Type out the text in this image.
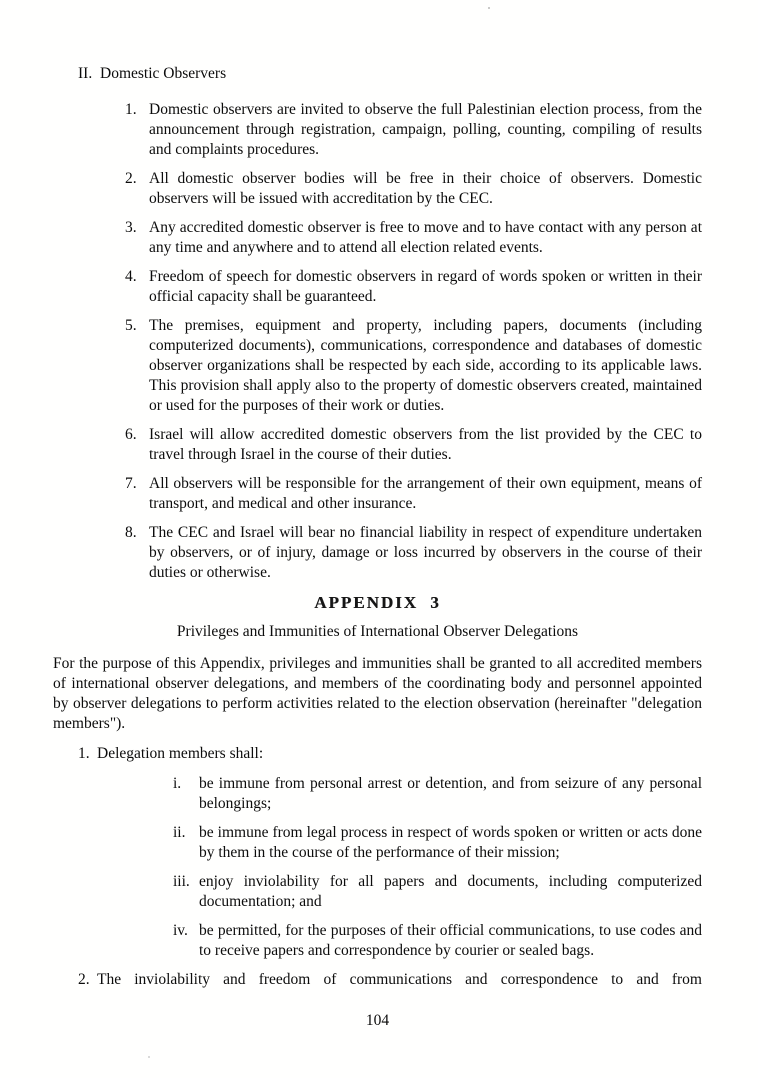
II. Domestic Observers
1. Domestic observers are invited to observe the full Palestinian election process, from the announcement through registration, campaign, polling, counting, compiling of results and complaints procedures.
2. All domestic observer bodies will be free in their choice of observers. Domestic observers will be issued with accreditation by the CEC.
3. Any accredited domestic observer is free to move and to have contact with any person at any time and anywhere and to attend all election related events.
4. Freedom of speech for domestic observers in regard of words spoken or written in their official capacity shall be guaranteed.
5. The premises, equipment and property, including papers, documents (including computerized documents), communications, correspondence and databases of domestic observer organizations shall be respected by each side, according to its applicable laws. This provision shall apply also to the property of domestic observers created, maintained or used for the purposes of their work or duties.
6. Israel will allow accredited domestic observers from the list provided by the CEC to travel through Israel in the course of their duties.
7. All observers will be responsible for the arrangement of their own equipment, means of transport, and medical and other insurance.
8. The CEC and Israel will bear no financial liability in respect of expenditure undertaken by observers, or of injury, damage or loss incurred by observers in the course of their duties or otherwise.
APPENDIX 3
Privileges and Immunities of International Observer Delegations
For the purpose of this Appendix, privileges and immunities shall be granted to all accredited members of international observer delegations, and members of the coordinating body and personnel appointed by observer delegations to perform activities related to the election observation (hereinafter "delegation members").
1. Delegation members shall:
i.	be immune from personal arrest or detention, and from seizure of any personal belongings;
ii. be immune from legal process in respect of words spoken or written or acts done by them in the course of the performance of their mission;
iii. enjoy inviolability for all papers and documents, including computerized documentation; and
iv. be permitted, for the purposes of their official communications, to use codes and to receive papers and correspondence by courier or sealed bags.
2. The inviolability and freedom of communications and correspondence to and from
104
